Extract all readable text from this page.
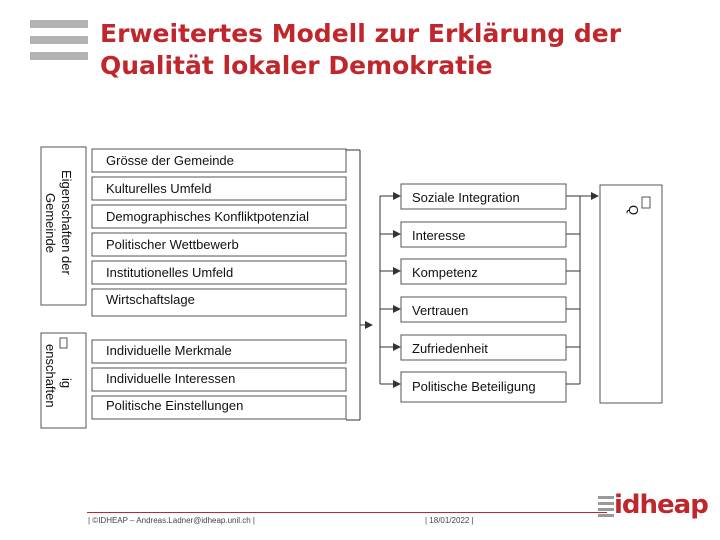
Erweitertes Modell zur Erklärung der
Qualität lokaler Demokratie
Eigenschaften der
Gemeinde
ig
enschaften
Grösse der Gemeinde
Kulturelles Umfeld
Demographisches Konfliktpotenzial
Politischer Wettbewerb
Institutionelles Umfeld
Wirtschaftslage
Individuelle Merkmale
Individuelle Interessen
Politische Einstellungen
Soziale Integration
Interesse
Kompetenz
Vertrauen
Zufriedenheit
Politische Beteiligung
Q
| ©IDHEAP – Andreas.Ladner@idheap.unil.ch |	| 18/01/2022 |
idheap
